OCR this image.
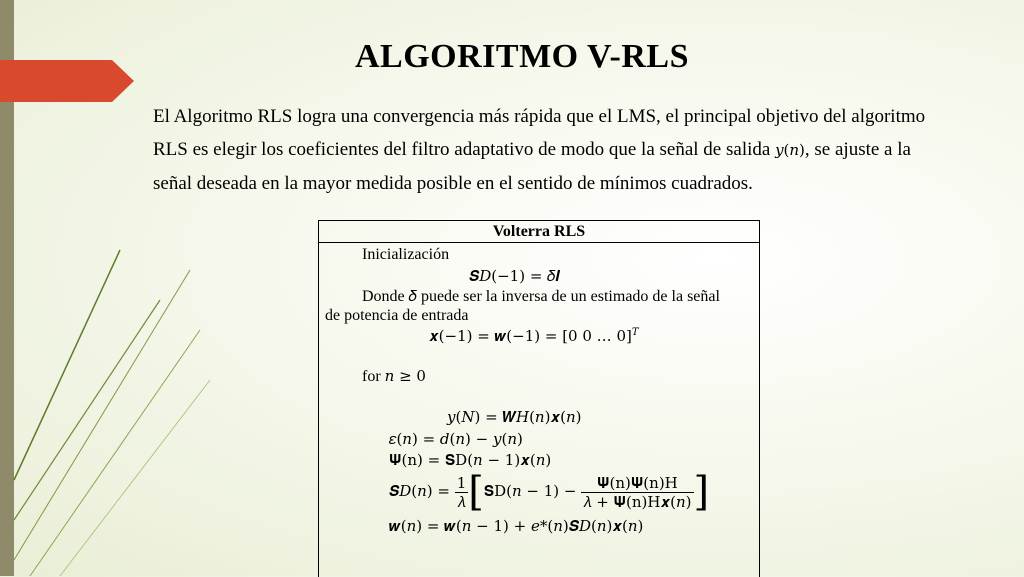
ALGORITMO V-RLS
El Algoritmo RLS logra una convergencia más rápida que el LMS, el principal objetivo del algoritmo RLS es elegir los coeficientes del filtro adaptativo de modo que la señal de salida 𝑦(𝑛), se ajuste a la señal deseada en la mayor medida posible en el sentido de mínimos cuadrados.
Volterra RLS
Inicialización
𝑺𝐷(−1) = 𝛿𝑰
Donde 𝛿 puede ser la inversa de un estimado de la señal
de potencia de entrada
𝒙(−1) = 𝒘(−1) = [0 0 … 0]$^𝑇$
for 𝑛 ≥ 0
𝑦(𝑁) = 𝑾𝐻(𝑛)𝒙(𝑛)
𝜀(𝑛) = 𝑑(𝑛) − 𝑦(𝑛)
𝚿(n) = 𝐒D(𝑛 − 1)𝒙(𝑛)
𝑺𝐷(𝑛) = $\frac{1}{\text{𝜆}}$ [𝐒D(𝑛 − $1) - \frac{\text{𝚿(n)𝚿(n)H}}{\text{𝜆 + 𝚿(n)H𝒙(𝑛)}}$ ]
𝒘(𝑛) = 𝒘(𝑛 − 1) + 𝑒*(𝑛)𝑺𝐷(𝑛)𝒙(𝑛)
